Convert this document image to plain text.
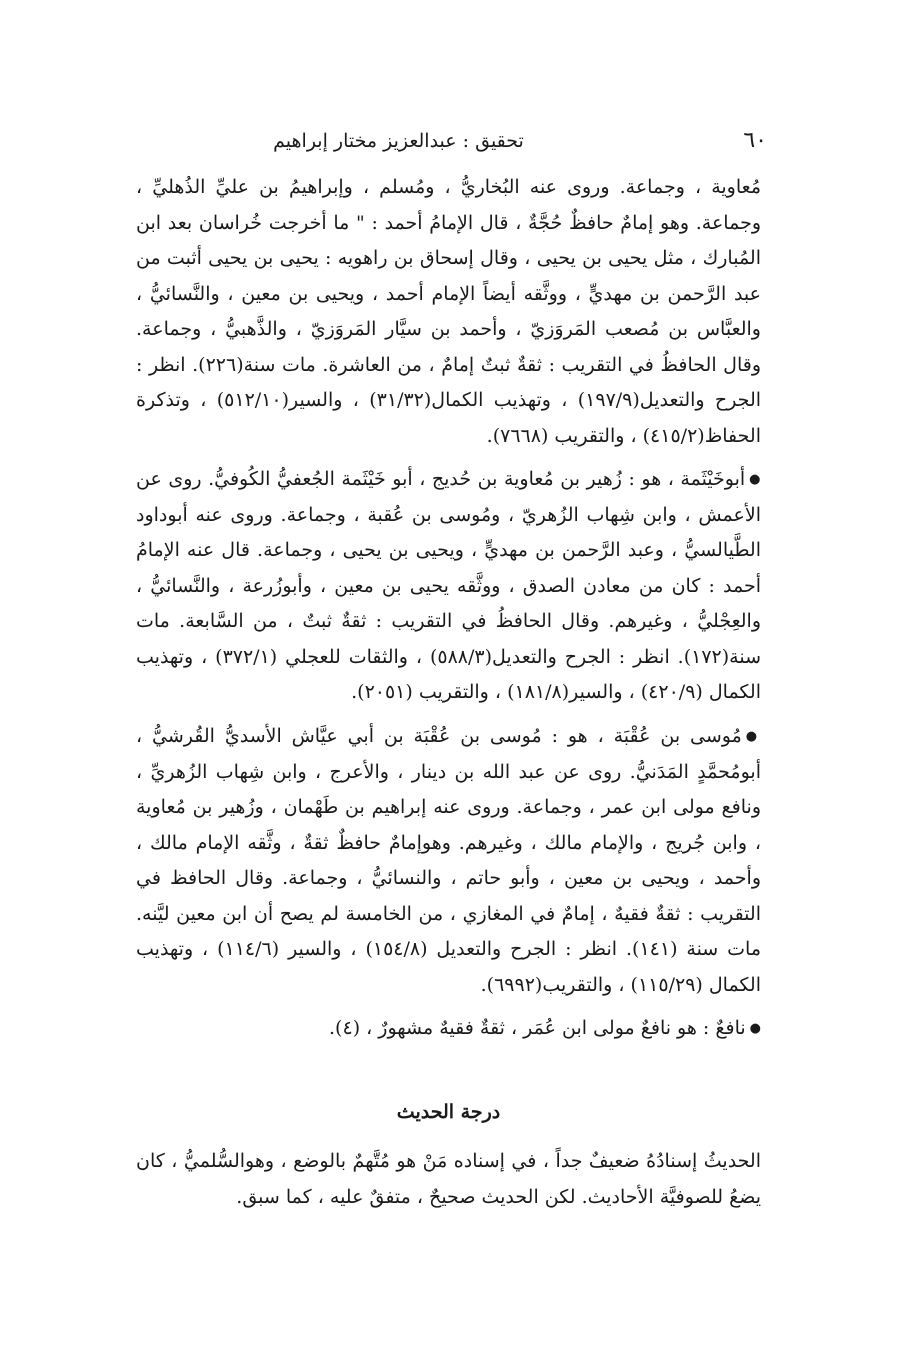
٦٠
تحقيق : عبدالعزيز مختار إبراهيم

مُعاوية ، وجماعة. وروى عنه البُخاريُّ ، ومُسلم ، وإبراهيمُ بن عليِّ الذُهليِّ ، وجماعة. وهو إمامٌ حافظٌ حُجَّةٌ ، قال الإمامُ أحمد : " ما أخرجت خُراسان بعد ابن المُبارك ، مثل يحيى بن يحيى ، وقال إسحاق بن راهويه : يحيى بن يحيى أثبت من عبد الرَّحمن بن مهديٍّ ، ووثَّقه أيضاً الإمام أحمد ، ويحيى بن معين ، والنَّسائيُّ ، والعبَّاس بن مُصعب المَروَزيّ ، وأحمد بن سيَّار المَروَزيّ ، والذَّهبيُّ ، وجماعة. وقال الحافظُ في التقريب : ثقةٌ ثبتٌ إمامٌ ، من العاشرة. مات سنة(٢٢٦). انظر : الجرح والتعديل(١٩٧/٩) ، وتهذيب الكمال(٣١/٣٢) ، والسير(٥١٢/١٠) ، وتذكرة الحفاظ(٤١٥/٢) ، والتقريب (٧٦٦٨).

●أبوخَيْثَمة ، هو : زُهير بن مُعاوية بن حُديج ، أبو خَيْثَمة الجُعفيُّ الكُوفيُّ. روى عن الأعمش ، وابن شِهاب الزُهريّ ، ومُوسى بن عُقبة ، وجماعة. وروى عنه أبوداود الطَّيالسيُّ ، وعبد الرَّحمن بن مهديٍّ ، ويحيى بن يحيى ، وجماعة. قال عنه الإمامُ أحمد : كان من معادن الصدق ، ووثَّقه يحيى بن معين ، وأبوزُرعة ، والنَّسائيُّ ، والعِجْليُّ ، وغيرهم. وقال الحافظُ في التقريب : ثقةٌ ثبتٌ ، من السَّابعة. مات سنة(١٧٢). انظر : الجرح والتعديل(٥٨٨/٣) ، والثقات للعجلي (٣٧٢/١) ، وتهذيب الكمال (٤٢٠/٩) ، والسير(١٨١/٨) ، والتقريب (٢٠٥١).

●مُوسى بن عُقْبَة ، هو : مُوسى بن عُقْبَة بن أبي عيَّاش الأسديُّ القُرشيُّ ، أبومُحمَّدٍ المَدَنيُّ. روى عن عبد الله بن دينار ، والأعرج ، وابن شِهاب الزُهريِّ ، ونافع مولى ابن عمر ، وجماعة. وروى عنه إبراهيم بن طَهْمان ، وزُهير بن مُعاوية ، وابن جُريج ، والإمام مالك ، وغيرهم. وهوإمامٌ حافظٌ ثقةٌ ، وثَّقه الإمام مالك ، وأحمد ، ويحيى بن معين ، وأبو حاتم ، والنسائيُّ ، وجماعة. وقال الحافظ في التقريب : ثقةٌ فقيهٌ ، إمامٌ في المغازي ، من الخامسة لم يصح أن ابن معين ليَّنه. مات سنة (١٤١). انظر : الجرح والتعديل (١٥٤/٨) ، والسير (١١٤/٦) ، وتهذيب الكمال (١١٥/٢٩) ، والتقريب(٦٩٩٢).

●نافعٌ : هو نافعٌ مولى ابن عُمَر ، ثقةٌ فقيهٌ مشهورٌ ، (٤).

درجة الحديث

الحديثُ إسنادُهُ ضعيفٌ جداً ، في إسناده مَنْ هو مُتَّهمٌ بالوضع ، وهوالسُّلميُّ ، كان يضعُ للصوفيَّة الأحاديث. لكن الحديث صحيحٌ ، متفقٌ عليه ، كما سبق.
